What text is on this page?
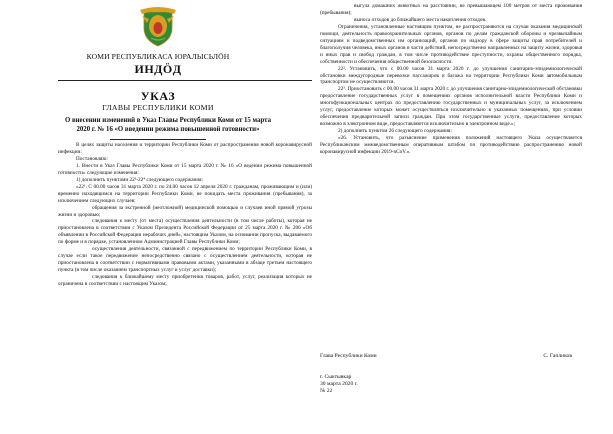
КОМИ РЕСПУБЛИКАСА ЮРАЛЫСЬЛÖН
ИНДÖД
УКАЗ
ГЛАВЫ РЕСПУБЛИКИ КОМИ
О внесении изменений в Указ Главы Республики Коми от 15 марта 2020 г. № 16 «О введении режима повышенной готовности»

В целях защиты населения и территории Республики Коми от распространения новой коронавирусной инфекции:

Постановляю:

1. Внести в Указ Главы Республики Коми от 15 марта 2020 г. № 16 «О ведении режима повышенной готовности» следующие изменения:

1) дополнить пунктами 22¹-22⁴ следующего содержания:

«22¹. С 00.00 часов 31 марта 2020 г. по 24.00 часов 12 апреля 2020 г. гражданам, проживающим и (или) временно находящимся на территории Республики Коми, не покидать места проживания (пребывания), за исключением следующих случаев:

обращения за экстренной (неотложной) медицинской помощью и случаев иной прямой угрозы жизни и здоровью;

следования к месту (от места) осуществления деятельности (в том числе работы), которая не приостановлена в соответствии с Указом Президента Российской Федерации от 25 марта 2020 г. № 206 «Об объявлении в Российской Федерации нерабочих дней», настоящим Указом, на основании пропуска, выдаваемого по форме и в порядке, установленном Администрацией Главы Республики Коми;

осуществления деятельности, связанной с передвижением по территории Республики Коми, в случае если такое передвижение непосредственно связано с осуществлением деятельности, которая не приостановлена в соответствии с нормативными правовыми актами, указанными в абзаце третьем настоящего пункта (в том числе оказанием транспортных услуг и услуг доставки);

следования к ближайшему месту приобретения товаров, работ, услуг, реализация которых не ограничена в соответствии с настоящим Указом;

выгула домашних животных на расстоянии, не превышающем 100 метров от места проживания (пребывания);

выноса отходов до ближайшего места накопления отходов.

Ограничения, установленные настоящим пунктом, не распространяются на случаи оказания медицинской помощи, деятельность правоохранительных органов, органов по делам гражданской обороны и чрезвычайным ситуациям и подведомственных им организаций, органов по надзору в сфере защиты прав потребителей и благополучия человека, иных органов в части действий, непосредственно направленных на защиту жизни, здоровья и иных прав и свобод граждан, в том числе противодействие преступности, охраны общественного порядка, собственности и обеспечения общественной безопасности.

22². Установить, что с 00.00 часов 31 марта 2020 г. до улучшения санитарно-эпидемиологической обстановки междугородные перевозки пассажиров и багажа на территории Республики Коми автомобильным транспортом не осуществляются.

22³. Приостановить с 00.00 часов 31 марта 2020 г. до улучшения санитарно-эпидемиологической обстановки предоставление государственных услуг в помещениях органов исполнительной власти Республики Коми и многофункциональных центрах по предоставлению государственных и муниципальных услуг, за исключением услуг, предоставление которых может осуществляться исключительно в указанных помещениях, при условии обеспечения предварительной записи граждан. При этом государственные услуги, предоставление которых возможно в электронном виде, предоставляются исключительно в электронном виде.»;

2) дополнить пунктом 26 следующего содержания:

«26. Установить, что разъяснение применения положений настоящего Указа осуществляется Республиканским межведомственным оперативным штабом по противодействию распространению новой коронавирусной инфекции 2019-nCoV.».

Глава Республики Коми	С. Гапликов
г. Сыктывкар
30 марта 2020 г.
№ 22
